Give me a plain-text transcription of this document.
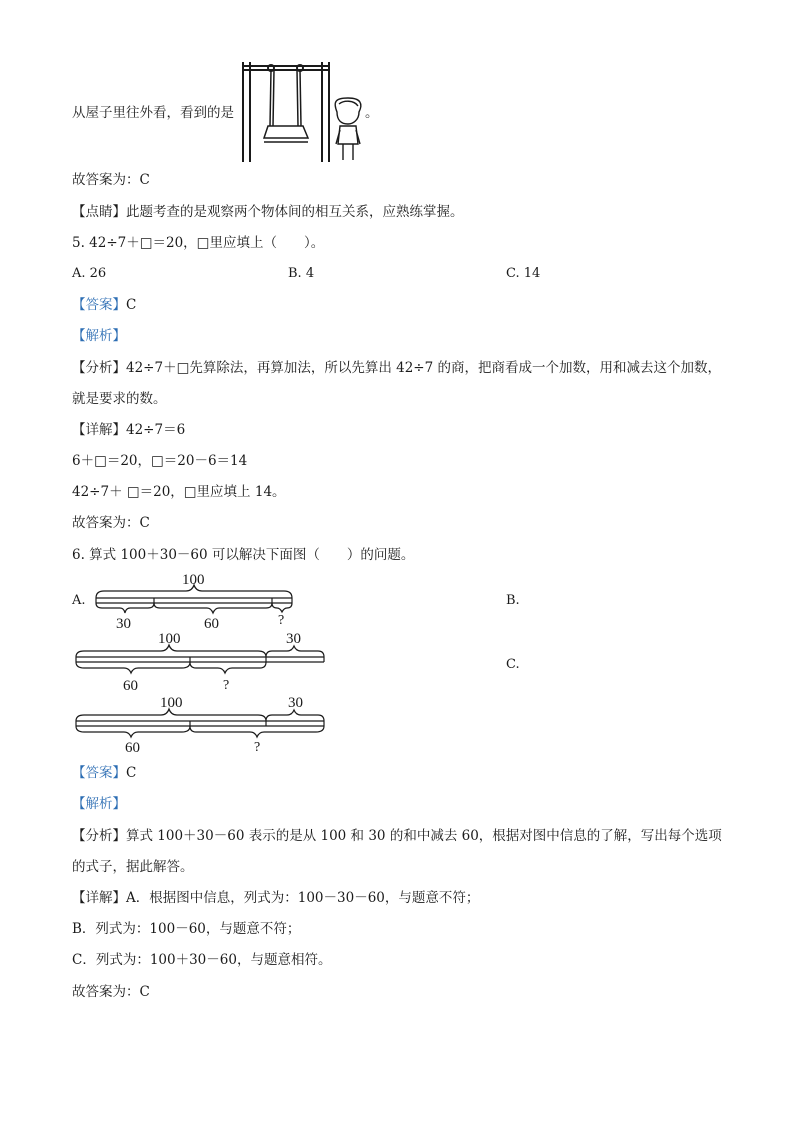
从屋子里往外看，看到的是	。
故答案为：C
【点睛】此题考查的是观察两个物体间的相互关系，应熟练掌握。
5. 42÷7＋□＝20，□里应填上（　　）。
A. 26	B. 4	C. 14
【答案】C
【解析】
【分析】42÷7＋□先算除法，再算加法，所以先算出 42÷7 的商，把商看成一个加数，用和减去这个加数，
就是要求的数。
【详解】42÷7＝6
6＋□＝20，□＝20－6＝14
42÷7＋ □＝20，□里应填上 14。
故答案为：C
6. 算式 100＋30－60 可以解决下面图（　　）的问题。
A.	B.
C.
100
30	60	?
100	30
60	?
100	30
60	?
【答案】C
【解析】
【分析】算式 100＋30－60 表示的是从 100 和 30 的和中减去 60，根据对图中信息的了解，写出每个选项
的式子，据此解答。
【详解】A．根据图中信息，列式为：100－30－60，与题意不符；
B．列式为：100－60，与题意不符；
C．列式为：100＋30－60，与题意相符。
故答案为：C
